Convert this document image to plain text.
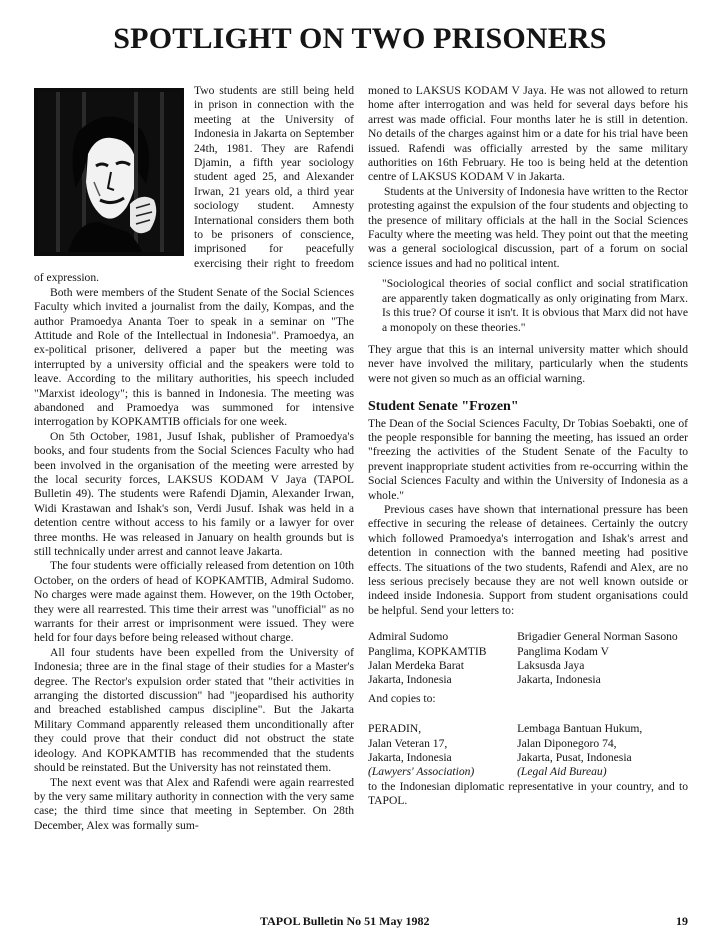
SPOTLIGHT ON TWO PRISONERS

Two students are still being held in prison in connection with the meeting at the University of Indonesia in Jakarta on September 24th, 1981. They are Rafendi Djamin, a fifth year sociology student aged 25, and Alexander Irwan, 21 years old, a third year sociology student. Amnesty International considers them both to be prisoners of conscience, imprisoned for peacefully exercising their right to freedom of expression.

Both were members of the Student Senate of the Social Sciences Faculty which invited a journalist from the daily, Kompas, and the author Pramoedya Ananta Toer to speak in a seminar on "The Attitude and Role of the Intellectual in Indonesia". Pramoedya, an ex-political prisoner, delivered a paper but the meeting was interrupted by a university official and the speakers were told to leave. According to the military authorities, his speech included "Marxist ideology"; this is banned in Indonesia. The meeting was abandoned and Pramoedya was summoned for intensive interrogation by KOPKAMTIB officials for one week.

On 5th October, 1981, Jusuf Ishak, publisher of Pramoedya's books, and four students from the Social Sciences Faculty who had been involved in the organisation of the meeting were arrested by the local security forces, LAKSUS KODAM V Jaya (TAPOL Bulletin 49). The students were Rafendi Djamin, Alexander Irwan, Widi Krastawan and Ishak's son, Verdi Jusuf. Ishak was held in a detention centre without access to his family or a lawyer for over three months. He was released in January on health grounds but is still technically under arrest and cannot leave Jakarta.

The four students were officially released from detention on 10th October, on the orders of head of KOPKAMTIB, Admiral Sudomo. No charges were made against them. However, on the 19th October, they were all rearrested. This time their arrest was "unofficial" as no warrants for their arrest or imprisonment were issued. They were held for four days before being released without charge.

All four students have been expelled from the University of Indonesia; three are in the final stage of their studies for a Master's degree. The Rector's expulsion order stated that "their activities in arranging the distorted discussion" had "jeopardised his authority and breached established campus discipline". But the Jakarta Military Command apparently released them unconditionally after they could prove that their conduct did not obstruct the state ideology. And KOPKAMTIB has recommended that the students should be reinstated. But the University has not reinstated them.

The next event was that Alex and Rafendi were again rearrested by the very same military authority in connection with the very same case; the third time since that meeting in September. On 28th December, Alex was formally sum-

moned to LAKSUS KODAM V Jaya. He was not allowed to return home after interrogation and was held for several days before his arrest was made official. Four months later he is still in detention. No details of the charges against him or a date for his trial have been issued. Rafendi was officially arrested by the same military authorities on 16th February. He too is being held at the detention centre of LAKSUS KODAM V in Jakarta.

Students at the University of Indonesia have written to the Rector protesting against the expulsion of the four students and objecting to the presence of military officials at the hall in the Social Sciences Faculty where the meeting was held. They point out that the meeting was a general sociological discussion, part of a forum on social science issues and had no political intent.

"Sociological theories of social conflict and social stratification are apparently taken dogmatically as only originating from Marx. Is this true? Of course it isn't. It is obvious that Marx did not have a monopoly on these theories."

They argue that this is an internal university matter which should never have involved the military, particularly when the students were not given so much as an official warning.

Student Senate "Frozen"

The Dean of the Social Sciences Faculty, Dr Tobias Soebakti, one of the people responsible for banning the meeting, has issued an order "freezing the activities of the Student Senate of the Faculty to prevent inappropriate student activities from re-occurring within the Social Sciences Faculty and within the University of Indonesia as a whole."

Previous cases have shown that international pressure has been effective in securing the release of detainees. Certainly the outcry which followed Pramoedya's interrogation and Ishak's arrest and detention in connection with the banned meeting had positive effects. The situations of the two students, Rafendi and Alex, are no less serious precisely because they are not well known outside or indeed inside Indonesia. Support from student organisations could be helpful. Send your letters to:

Admiral Sudomo
Panglima, KOPKAMTIB
Jalan Merdeka Barat
Jakarta, Indonesia
Brigadier General Norman Sasono
Panglima Kodam V
Laksusda Jaya
Jakarta, Indonesia
And copies to:
PERADIN,
Jalan Veteran 17,
Jakarta, Indonesia
(Lawyers' Association)
Lembaga Bantuan Hukum,
Jalan Diponegoro 74,
Jakarta, Pusat, Indonesia
(Legal Aid Bureau)

to the Indonesian diplomatic representative in your country, and to TAPOL.

TAPOL Bulletin No 51 May 1982	19
